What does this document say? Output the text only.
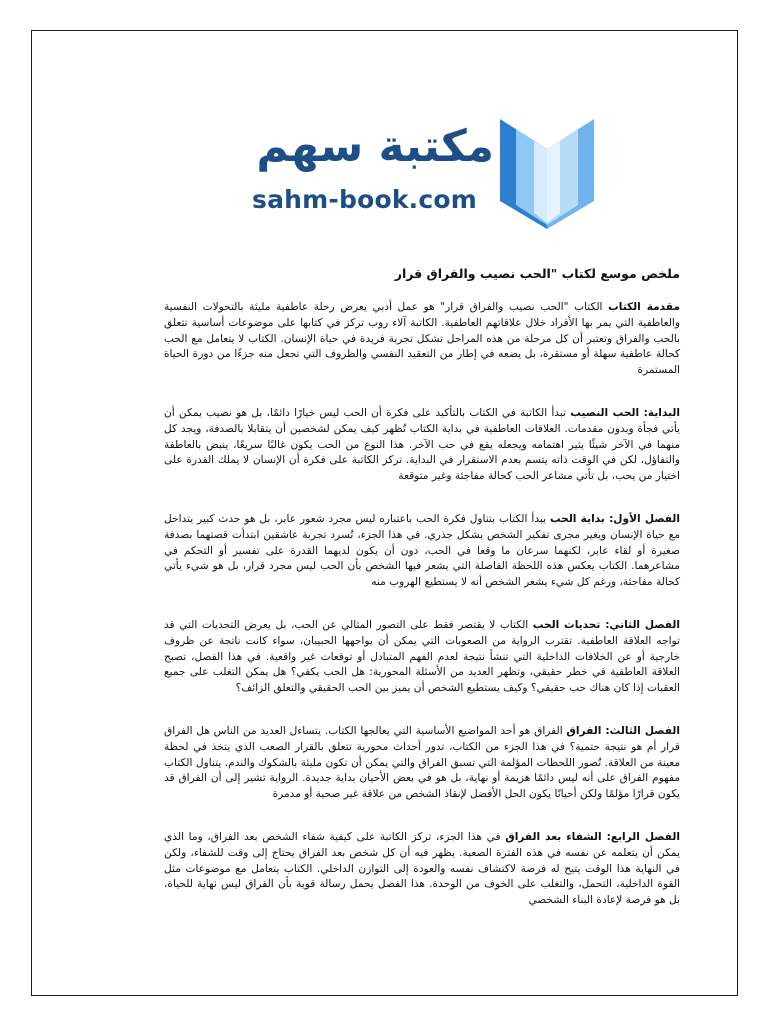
مكتبة سهم
sahm-book.com
ملخص موسع لكتاب "الحب نصيب والفراق قرار

مقدمة الكتاب الكتاب "الحب نصيب والفراق قرار" هو عمل أدبي يعرض رحلة عاطفية مليئة بالتحولات النفسية والعاطفية التي يمر بها الأفراد خلال علاقاتهم العاطفية. الكاتبة آلاء روب تركز في كتابها على موضوعات أساسية تتعلق بالحب والفراق وتعتبر أن كل مرحلة من هذه المراحل تشكل تجربة فريدة في حياة الإنسان. الكتاب لا يتعامل مع الحب كحالة عاطفية سهلة أو مستقرة، بل يضعه في إطار من التعقيد النفسي والظروف التي تجعل منه جزءًا من دورة الحياة المستمرة

البداية: الحب النصيب تبدأ الكاتبة في الكتاب بالتأكيد على فكرة أن الحب ليس خيارًا دائمًا، بل هو نصيب يمكن أن يأتي فجأة وبدون مقدمات. العلاقات العاطفية في بداية الكتاب تُظهر كيف يمكن لشخصين أن يتقابلا بالصدفة، ويجد كل منهما في الآخر شيئًا يثير اهتمامه ويجعله يقع في حب الآخر. هذا النوع من الحب يكون غالبًا سريعًا، ينبض بالعاطفة والتفاؤل، لكن في الوقت ذاته يتسم بعدم الاستقرار في البداية. تركز الكاتبة على فكرة أن الإنسان لا يملك القدرة على اختيار من يحب، بل تأتي مشاعر الحب كحالة مفاجئة وغير متوقعة

الفصل الأول: بداية الحب يبدأ الكتاب بتناول فكرة الحب باعتباره ليس مجرد شعور عابر، بل هو حدث كبير يتداخل مع حياة الإنسان ويغير مجرى تفكير الشخص بشكل جذري. في هذا الجزء، تُسرد تجربة عاشقين ابتدأت قصتهما بصدفة صغيرة أو لقاء عابر، لكنهما سرعان ما وقعا في الحب، دون أن يكون لديهما القدرة على تفسير أو التحكم في مشاعرهما. الكتاب يعكس هذه اللحظة الفاصلة التي يشعر فيها الشخص بأن الحب ليس مجرد قرار، بل هو شيء يأتي كحالة مفاجئة، ورغم كل شيء يشعر الشخص أنه لا يستطيع الهروب منه

الفصل الثاني: تحديات الحب الكتاب لا يقتصر فقط على التصور المثالي عن الحب، بل يعرض التحديات التي قد تواجه العلاقة العاطفية. تقترب الرواية من الصعوبات التي يمكن أن يواجهها الحبيبان، سواء كانت ناتجة عن ظروف خارجية أو عن الخلافات الداخلية التي تنشأ نتيجة لعدم الفهم المتبادل أو توقعات غير واقعية. في هذا الفصل، تصبح العلاقة العاطفية في خطر حقيقي، وتظهر العديد من الأسئلة المحورية: هل الحب يكفي؟ هل يمكن التغلب على جميع العقبات إذا كان هناك حب حقيقي؟ وكيف يستطيع الشخص أن يميز بين الحب الحقيقي والتعلق الزائف؟

الفصل الثالث: الفراق الفراق هو أحد المواضيع الأساسية التي يعالجها الكتاب. يتساءل العديد من الناس هل الفراق قرار أم هو نتيجة حتمية؟ في هذا الجزء من الكتاب، تدور أحداث محورية تتعلق بالقرار الصعب الذي يتخذ في لحظة معينة من العلاقة. تُصور اللحظات المؤلمة التي تسبق الفراق والتي يمكن أن تكون مليئة بالشكوك والندم. يتناول الكتاب مفهوم الفراق على أنه ليس دائمًا هزيمة أو نهاية، بل هو في بعض الأحيان بداية جديدة. الرواية تشير إلى أن الفراق قد يكون قرارًا مؤلمًا ولكن أحيانًا يكون الحل الأفضل لإنقاذ الشخص من علاقة غير صحية أو مدمرة

الفصل الرابع: الشفاء بعد الفراق في هذا الجزء، تركز الكاتبة على كيفية شفاء الشخص بعد الفراق، وما الذي يمكن أن يتعلمه عن نفسه في هذه الفترة الصعبة. يظهر فيه أن كل شخص بعد الفراق يحتاج إلى وقت للشفاء، ولكن في النهاية هذا الوقت يتيح له فرصة لاكتشاف نفسه والعودة إلى التوازن الداخلي. الكتاب يتعامل مع موضوعات مثل القوة الداخلية، التحمل، والتغلب على الخوف من الوحدة. هذا الفصل يحمل رسالة قوية بأن الفراق ليس نهاية للحياة، بل هو فرصة لإعادة البناء الشخصي
